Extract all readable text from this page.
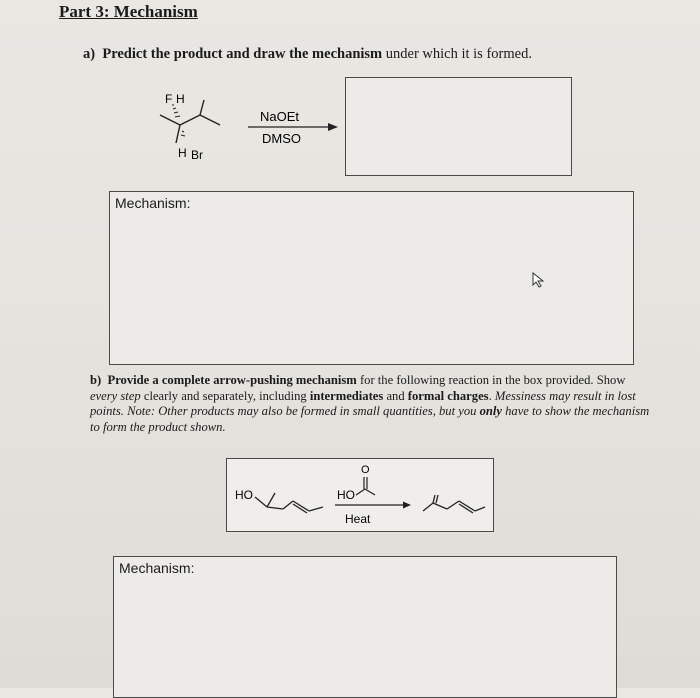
Part 3: Mechanism
a) Predict the product and draw the mechanism under which it is formed.
F H
H Br
NaOEt
DMSO
Mechanism:
b) Provide a complete arrow-pushing mechanism for the following reaction in the box provided. Show every step clearly and separately, including intermediates and formal charges. Messiness may result in lost points. Note: Other products may also be formed in small quantities, but you only have to show the mechanism to form the product shown.
HO	HO
O
Heat
Mechanism:
